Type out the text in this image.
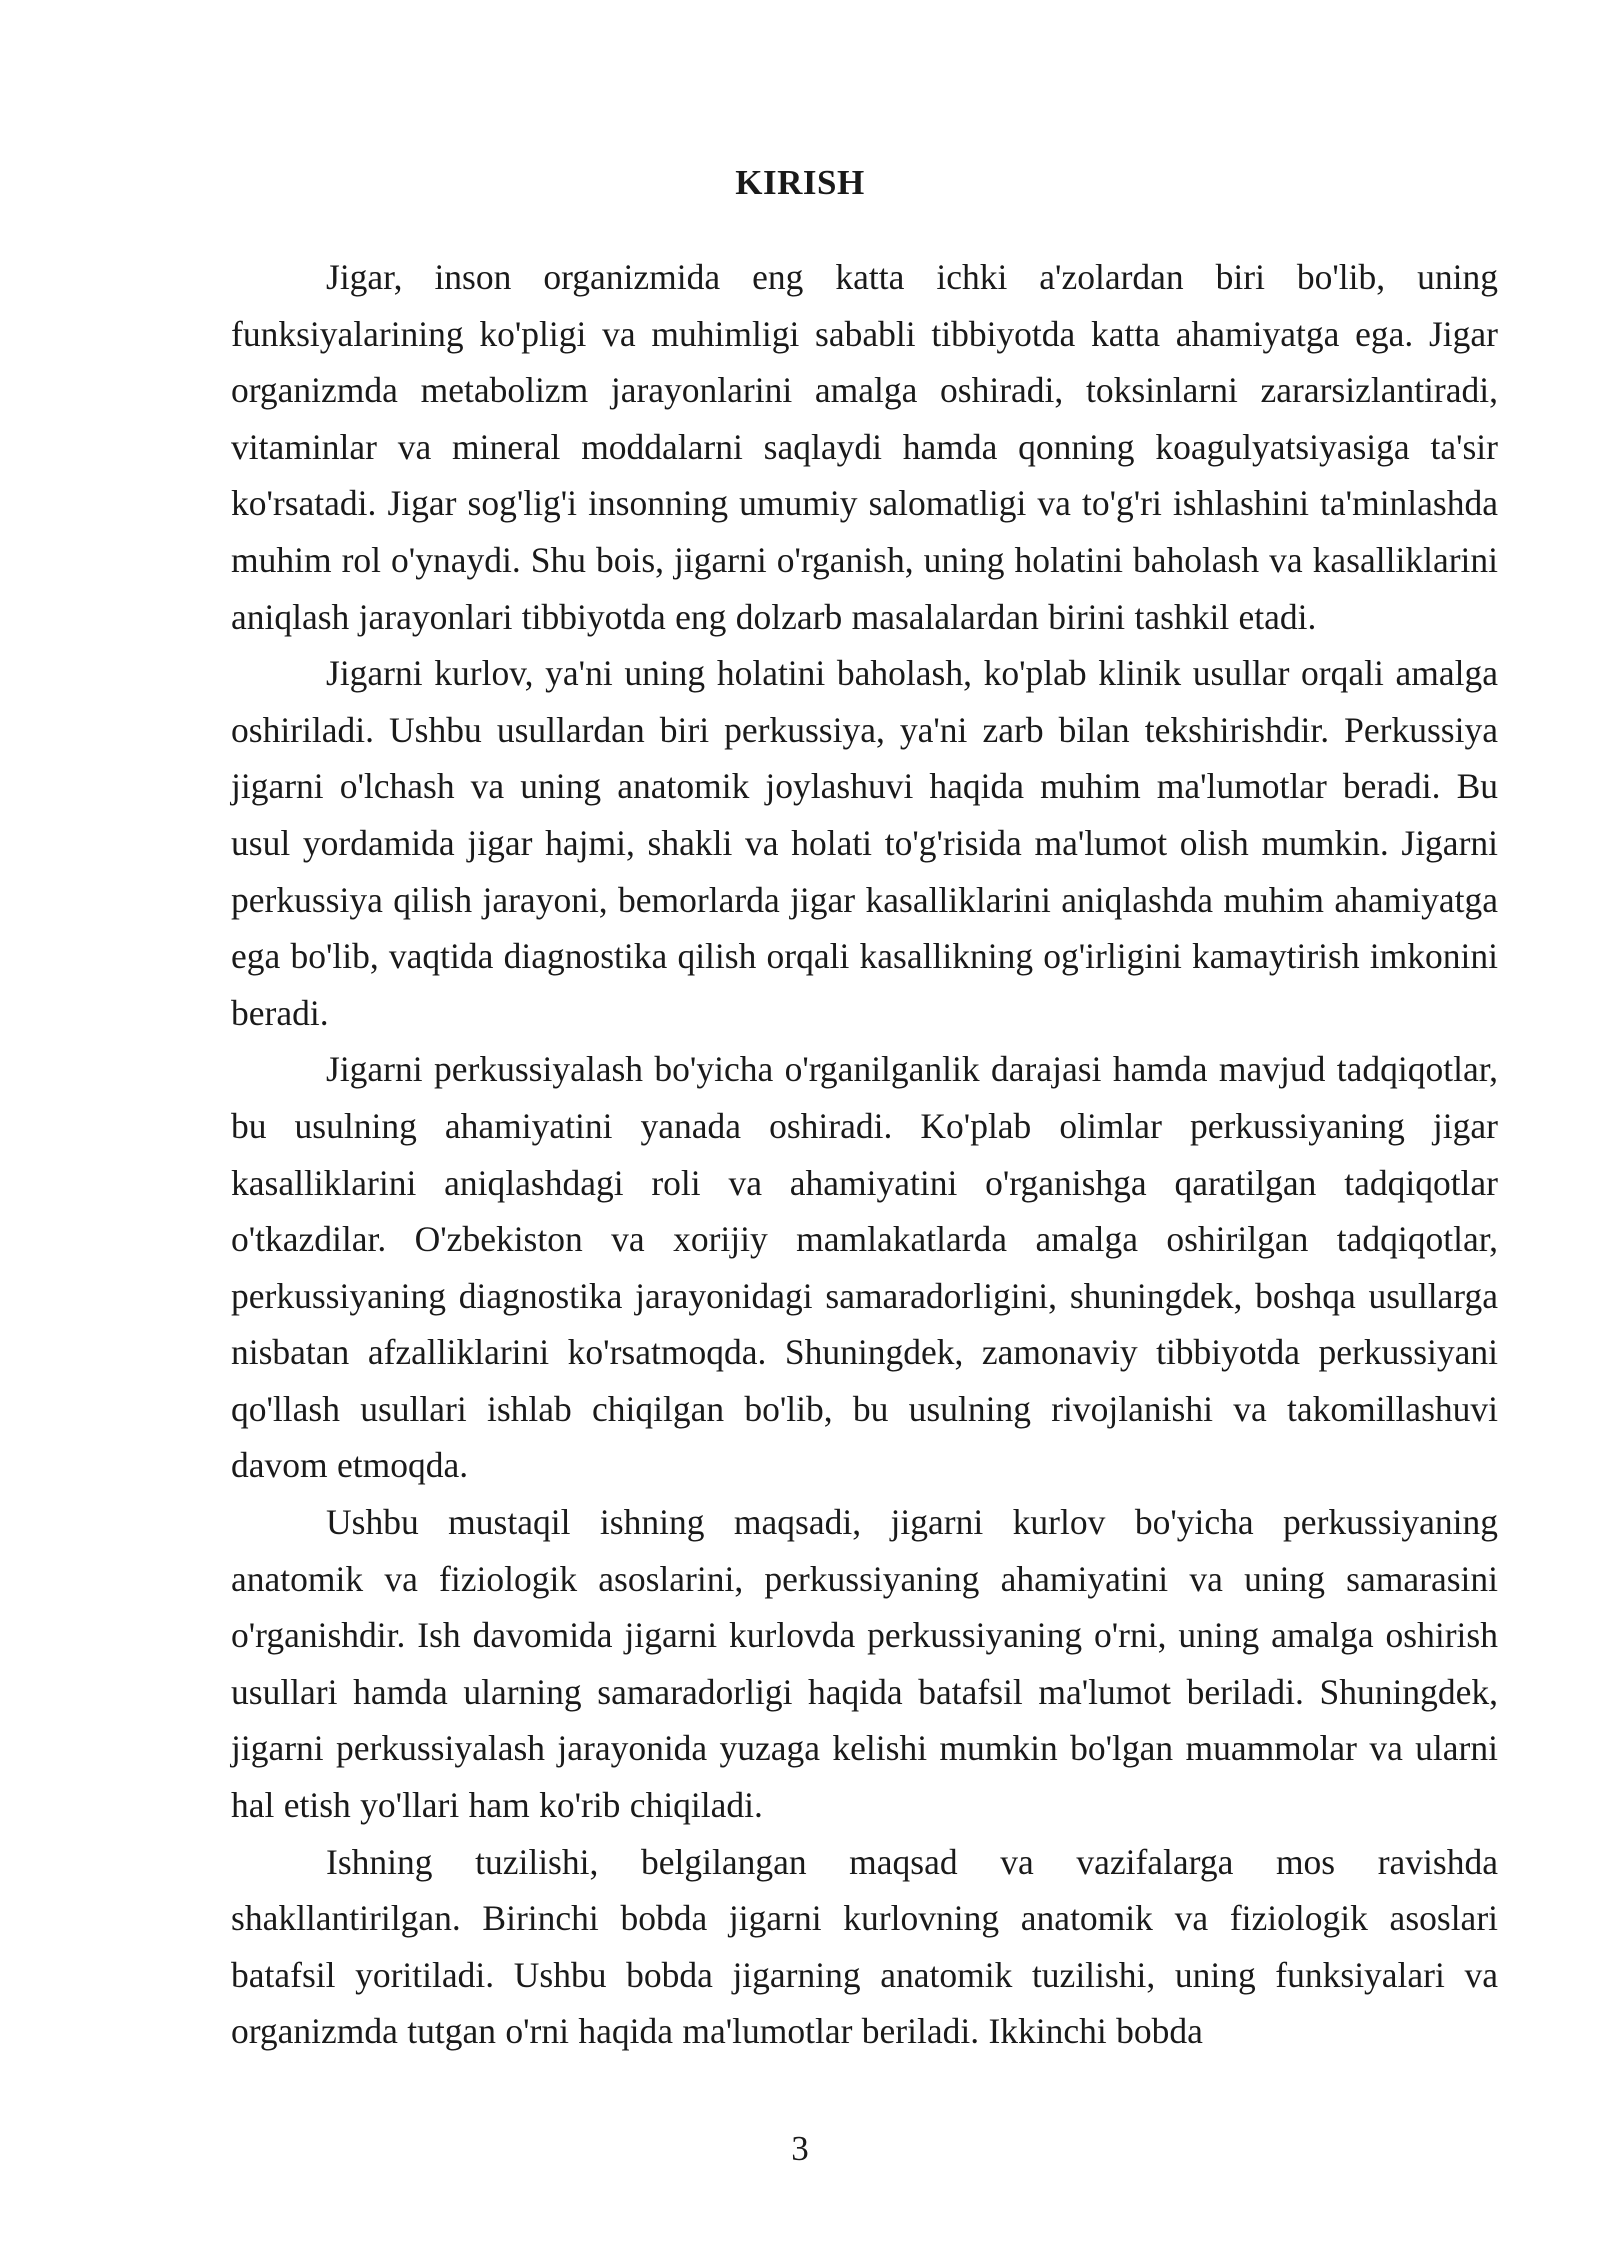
KIRISH

Jigar, inson organizmida eng katta ichki a'zolardan biri bo'lib, uning funksiyalarining ko'pligi va muhimligi sababli tibbiyotda katta ahamiyatga ega. Jigar organizmda metabolizm jarayonlarini amalga oshiradi, toksinlarni zararsizlantiradi, vitaminlar va mineral moddalarni saqlaydi hamda qonning koagulyatsiyasiga ta'sir ko'rsatadi. Jigar sog'lig'i insonning umumiy salomatligi va to'g'ri ishlashini ta'minlashda muhim rol o'ynaydi. Shu bois, jigarni o'rganish, uning holatini baholash va kasalliklarini aniqlash jarayonlari tibbiyotda eng dolzarb masalalardan birini tashkil etadi.

Jigarni kurlov, ya'ni uning holatini baholash, ko'plab klinik usullar orqali amalga oshiriladi. Ushbu usullardan biri perkussiya, ya'ni zarb bilan tekshirishdir. Perkussiya jigarni o'lchash va uning anatomik joylashuvi haqida muhim ma'lumotlar beradi. Bu usul yordamida jigar hajmi, shakli va holati to'g'risida ma'lumot olish mumkin. Jigarni perkussiya qilish jarayoni, bemorlarda jigar kasalliklarini aniqlashda muhim ahamiyatga ega bo'lib, vaqtida diagnostika qilish orqali kasallikning og'irligini kamaytirish imkonini beradi.

Jigarni perkussiyalash bo'yicha o'rganilganlik darajasi hamda mavjud tadqiqotlar, bu usulning ahamiyatini yanada oshiradi. Ko'plab olimlar perkussiyaning jigar kasalliklarini aniqlashdagi roli va ahamiyatini o'rganishga qaratilgan tadqiqotlar o'tkazdilar. O'zbekiston va xorijiy mamlakatlarda amalga oshirilgan tadqiqotlar, perkussiyaning diagnostika jarayonidagi samaradorligini, shuningdek, boshqa usullarga nisbatan afzalliklarini ko'rsatmoqda. Shuningdek, zamonaviy tibbiyotda perkussiyani qo'llash usullari ishlab chiqilgan bo'lib, bu usulning rivojlanishi va takomillashuvi davom etmoqda.

Ushbu mustaqil ishning maqsadi, jigarni kurlov bo'yicha perkussiyaning anatomik va fiziologik asoslarini, perkussiyaning ahamiyatini va uning samarasini o'rganishdir. Ish davomida jigarni kurlovda perkussiyaning o'rni, uning amalga oshirish usullari hamda ularning samaradorligi haqida batafsil ma'lumot beriladi. Shuningdek, jigarni perkussiyalash jarayonida yuzaga kelishi mumkin bo'lgan muammolar va ularni hal etish yo'llari ham ko'rib chiqiladi.

Ishning tuzilishi, belgilangan maqsad va vazifalarga mos ravishda shakllantirilgan. Birinchi bobda jigarni kurlovning anatomik va fiziologik asoslari batafsil yoritiladi. Ushbu bobda jigarning anatomik tuzilishi, uning funksiyalari va organizmda tutgan o'rni haqida ma'lumotlar beriladi. Ikkinchi bobda

3
